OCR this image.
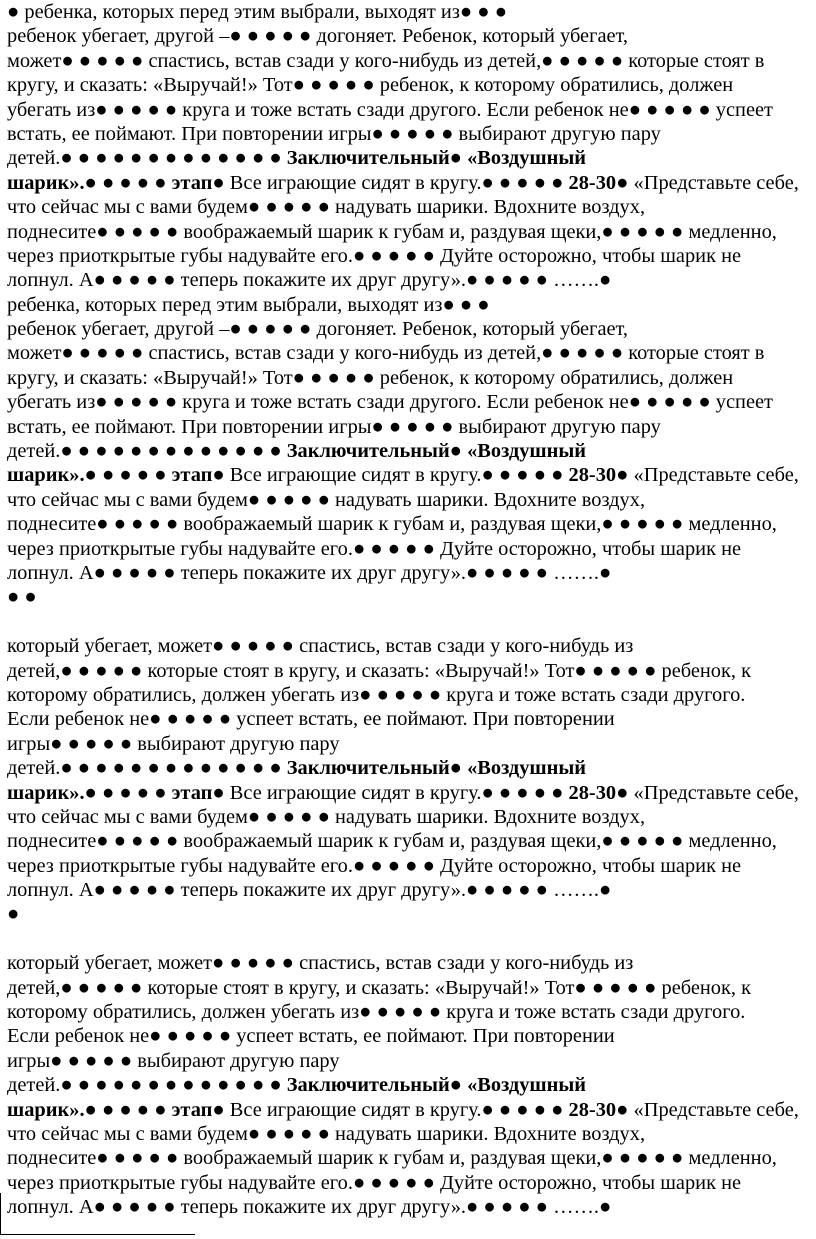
● ребенка, которых перед этим выбрали, выходят из● ● ●
ребенок убегает, другой –● ● ● ● ● догоняет. Ребенок, который убегает,
может● ● ● ● ● спастись, встав сзади у кого-нибудь из детей,● ● ● ● ● которые стоят в
кругу, и сказать: «Выручай!» Тот● ● ● ● ● ребенок, к которому обратились, должен
убегать из● ● ● ● ● круга и тоже встать сзади другого. Если ребенок не● ● ● ● ● успеет
встать, ее поймают. При повторении игры● ● ● ● ● выбирают другую пару
детей.● ● ● ● ● ● ● ● ● ● ● ● ● Заключительный● «Воздушный
шарик».● ● ● ● ● этап● Все играющие сидят в кругу.● ● ● ● ● 28-30● «Представьте себе,
что сейчас мы с вами будем● ● ● ● ● надувать шарики. Вдохните воздух,
поднесите● ● ● ● ● воображаемый шарик к губам и, раздувая щеки,● ● ● ● ● медленно,
через приоткрытые губы надувайте его.● ● ● ● ● Дуйте осторожно, чтобы шарик не
лопнул. А● ● ● ● ● теперь покажите их друг другу».● ● ● ● ● …….●
ребенка, которых перед этим выбрали, выходят из● ● ●
ребенок убегает, другой –● ● ● ● ● догоняет. Ребенок, который убегает,
может● ● ● ● ● спастись, встав сзади у кого-нибудь из детей,● ● ● ● ● которые стоят в
кругу, и сказать: «Выручай!» Тот● ● ● ● ● ребенок, к которому обратились, должен
убегать из● ● ● ● ● круга и тоже встать сзади другого. Если ребенок не● ● ● ● ● успеет
встать, ее поймают. При повторении игры● ● ● ● ● выбирают другую пару
детей.● ● ● ● ● ● ● ● ● ● ● ● ● Заключительный● «Воздушный
шарик».● ● ● ● ● этап● Все играющие сидят в кругу.● ● ● ● ● 28-30● «Представьте себе,
что сейчас мы с вами будем● ● ● ● ● надувать шарики. Вдохните воздух,
поднесите● ● ● ● ● воображаемый шарик к губам и, раздувая щеки,● ● ● ● ● медленно,
через приоткрытые губы надувайте его.● ● ● ● ● Дуйте осторожно, чтобы шарик не
лопнул. А● ● ● ● ● теперь покажите их друг другу».● ● ● ● ● …….●
● ●

который убегает, может● ● ● ● ● спастись, встав сзади у кого-нибудь из
детей,● ● ● ● ● которые стоят в кругу, и сказать: «Выручай!» Тот● ● ● ● ● ребенок, к
которому обратились, должен убегать из● ● ● ● ● круга и тоже встать сзади другого.
Если ребенок не● ● ● ● ● успеет встать, ее поймают. При повторении
игры● ● ● ● ● выбирают другую пару
детей.● ● ● ● ● ● ● ● ● ● ● ● ● Заключительный● «Воздушный
шарик».● ● ● ● ● этап● Все играющие сидят в кругу.● ● ● ● ● 28-30● «Представьте себе,
что сейчас мы с вами будем● ● ● ● ● надувать шарики. Вдохните воздух,
поднесите● ● ● ● ● воображаемый шарик к губам и, раздувая щеки,● ● ● ● ● медленно,
через приоткрытые губы надувайте его.● ● ● ● ● Дуйте осторожно, чтобы шарик не
лопнул. А● ● ● ● ● теперь покажите их друг другу».● ● ● ● ● …….●
●

который убегает, может● ● ● ● ● спастись, встав сзади у кого-нибудь из
детей,● ● ● ● ● которые стоят в кругу, и сказать: «Выручай!» Тот● ● ● ● ● ребенок, к
которому обратились, должен убегать из● ● ● ● ● круга и тоже встать сзади другого.
Если ребенок не● ● ● ● ● успеет встать, ее поймают. При повторении
игры● ● ● ● ● выбирают другую пару
детей.● ● ● ● ● ● ● ● ● ● ● ● ● Заключительный● «Воздушный
шарик».● ● ● ● ● этап● Все играющие сидят в кругу.● ● ● ● ● 28-30● «Представьте себе,
что сейчас мы с вами будем● ● ● ● ● надувать шарики. Вдохните воздух,
поднесите● ● ● ● ● воображаемый шарик к губам и, раздувая щеки,● ● ● ● ● медленно,
через приоткрытые губы надувайте его.● ● ● ● ● Дуйте осторожно, чтобы шарик не
лопнул. А● ● ● ● ● теперь покажите их друг другу».● ● ● ● ● …….●
